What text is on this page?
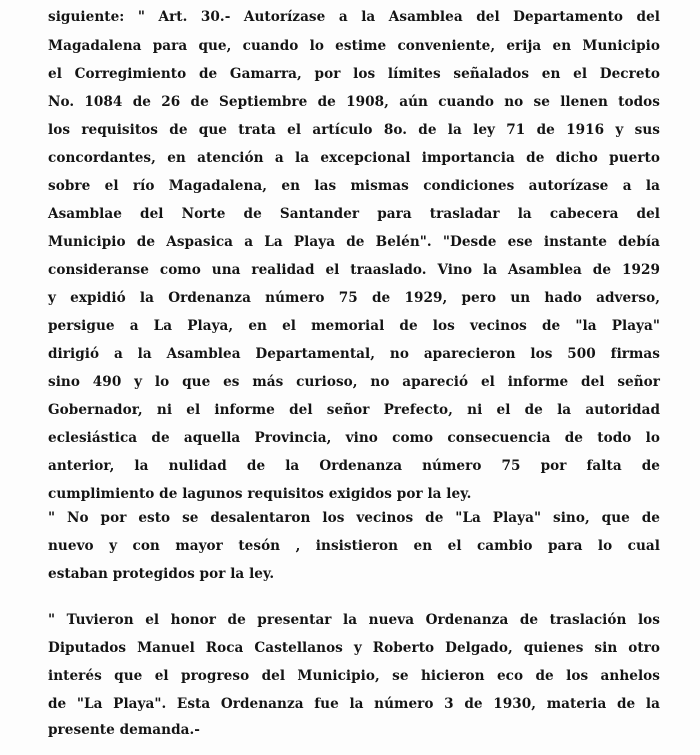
siguiente: " Art. 30.- Autorízase a la Asamblea del Departamento del
Magadalena para que, cuando lo estime conveniente, erija en Municipio
el Corregimiento de Gamarra, por los límites señalados en el Decreto
No. 1084 de 26 de Septiembre de 1908, aún cuando no se llenen todos
los requisitos de que trata el artículo 8o. de la ley 71 de 1916 y sus
concordantes, en atención a la excepcional importancia de dicho puerto
sobre el río Magadalena, en las mismas condiciones autorízase a la
Asamblae del Norte de Santander para trasladar la cabecera del
Municipio de Aspasica a La Playa de Belén". "Desde ese instante debía
consideranse como una realidad el traaslado. Vino la Asamblea de 1929
y expidió la Ordenanza número 75 de 1929, pero un hado adverso,
persigue a La Playa, en el memorial de los vecinos de "la Playa"
dirigió a la Asamblea Departamental, no aparecieron los 500 firmas
sino 490 y lo que es más curioso, no apareció el informe del señor
Gobernador, ni el informe del señor Prefecto, ni el de la autoridad
eclesiástica de aquella Provincia, vino como consecuencia de todo lo
anterior, la nulidad de la Ordenanza número 75 por falta de
cumplimiento de lagunos requisitos exigidos por la ley.
" No por esto se desalentaron los vecinos de "La Playa" sino, que de
nuevo y con mayor tesón , insistieron en el cambio para lo cual
estaban protegidos por la ley.
" Tuvieron el honor de presentar la nueva Ordenanza de traslación los
Diputados Manuel Roca Castellanos y Roberto Delgado, quienes sin otro
interés que el progreso del Municipio, se hicieron eco de los anhelos
de "La Playa". Esta Ordenanza fue la número 3 de 1930, materia de la
presente demanda.-
